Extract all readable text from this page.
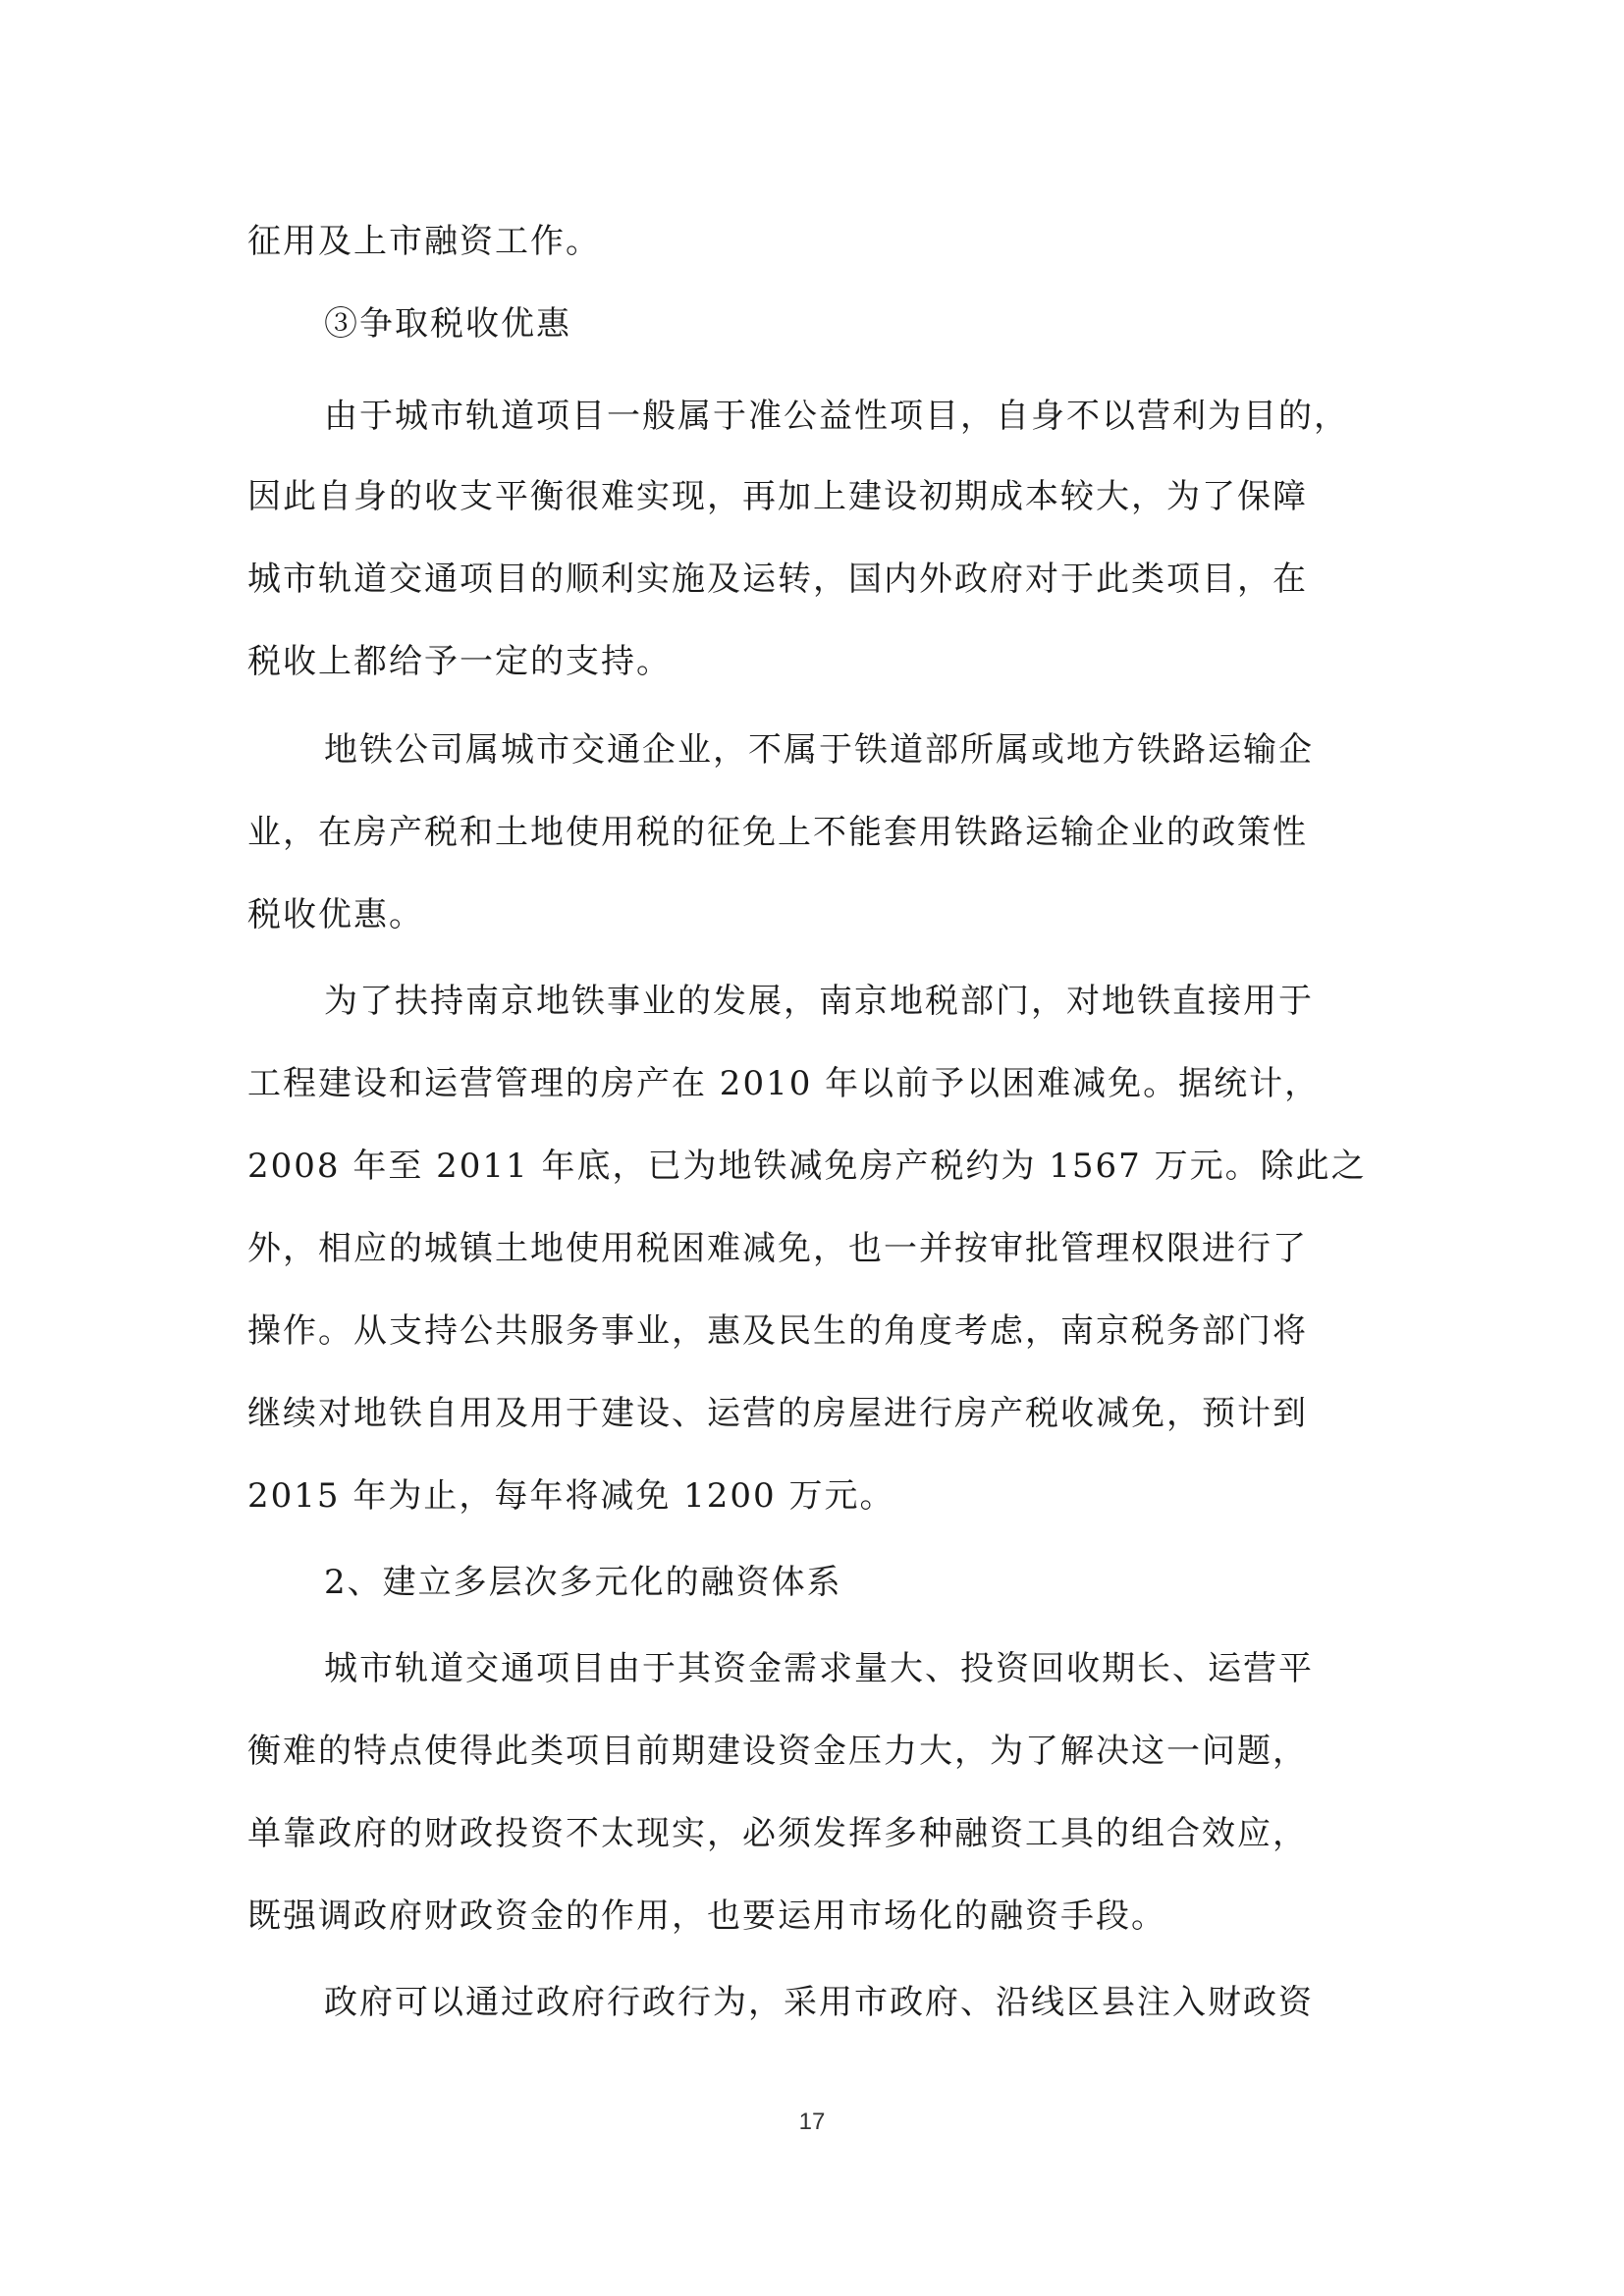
征用及上市融资工作。
③争取税收优惠
由于城市轨道项目一般属于准公益性项目，自身不以营利为目的，
因此自身的收支平衡很难实现，再加上建设初期成本较大，为了保障
城市轨道交通项目的顺利实施及运转，国内外政府对于此类项目，在
税收上都给予一定的支持。
地铁公司属城市交通企业，不属于铁道部所属或地方铁路运输企
业，在房产税和土地使用税的征免上不能套用铁路运输企业的政策性
税收优惠。
为了扶持南京地铁事业的发展，南京地税部门，对地铁直接用于
工程建设和运营管理的房产在 2010 年以前予以困难减免。据统计，
2008 年至 2011 年底，已为地铁减免房产税约为 1567 万元。除此之
外，相应的城镇土地使用税困难减免，也一并按审批管理权限进行了
操作。从支持公共服务事业，惠及民生的角度考虑，南京税务部门将
继续对地铁自用及用于建设、运营的房屋进行房产税收减免，预计到
2015 年为止，每年将减免 1200 万元。
2、建立多层次多元化的融资体系
城市轨道交通项目由于其资金需求量大、投资回收期长、运营平
衡难的特点使得此类项目前期建设资金压力大，为了解决这一问题，
单靠政府的财政投资不太现实，必须发挥多种融资工具的组合效应，
既强调政府财政资金的作用，也要运用市场化的融资手段。
政府可以通过政府行政行为，采用市政府、沿线区县注入财政资
17
